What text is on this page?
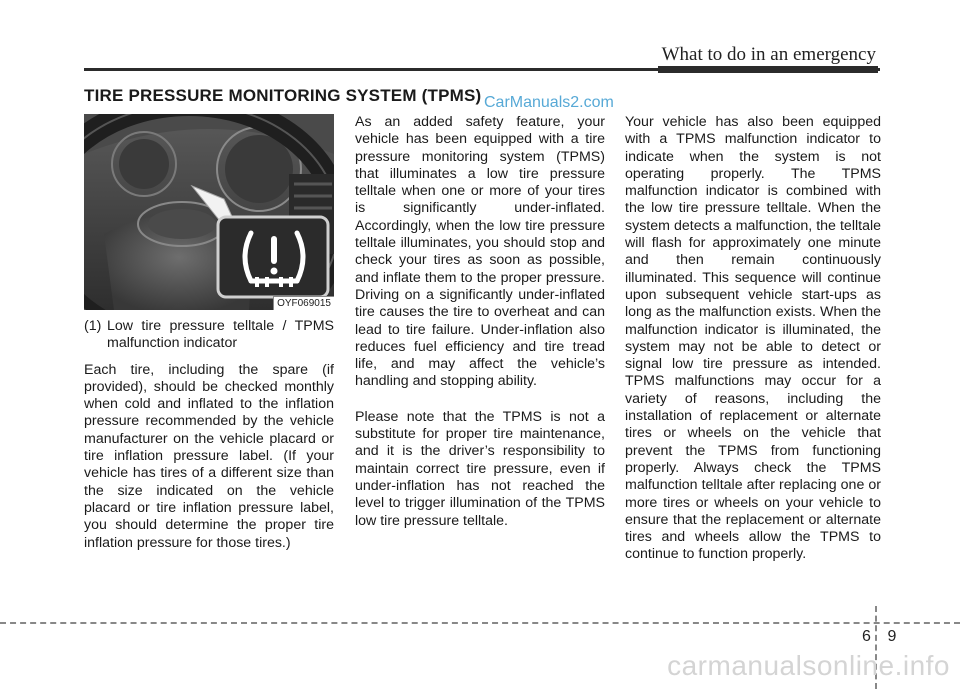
What to do in an emergency
TIRE PRESSURE MONITORING SYSTEM (TPMS) CarManuals2.com
OYF069015
(1) Low tire pressure telltale / TPMS malfunction indicator

Each tire, including the spare (if provided), should be checked monthly when cold and inflated to the inflation pressure recommended by the vehicle manufacturer on the vehicle placard or tire inflation pressure label. (If your vehicle has tires of a different size than the size indicated on the vehicle placard or tire inflation pressure label, you should determine the proper tire inflation pressure for those tires.)

As an added safety feature, your vehicle has been equipped with a tire pressure monitoring system (TPMS) that illuminates a low tire pressure telltale when one or more of your tires is significantly under-inflated. Accordingly, when the low tire pressure telltale illuminates, you should stop and check your tires as soon as possible, and inflate them to the proper pressure. Driving on a significantly under-inflated tire causes the tire to overheat and can lead to tire failure. Under-inflation also reduces fuel efficiency and tire tread life, and may affect the vehicle’s handling and stopping ability.

Please note that the TPMS is not a substitute for proper tire maintenance, and it is the driver’s responsibility to maintain correct tire pressure, even if under-inflation has not reached the level to trigger illumination of the TPMS low tire pressure telltale.

Your vehicle has also been equipped with a TPMS malfunction indicator to indicate when the system is not operating properly. The TPMS malfunction indicator is combined with the low tire pressure telltale. When the system detects a malfunction, the telltale will flash for approximately one minute and then remain continuously illuminated. This sequence will continue upon subsequent vehicle start-ups as long as the malfunction exists. When the malfunction indicator is illuminated, the system may not be able to detect or signal low tire pressure as intended. TPMS malfunctions may occur for a variety of reasons, including the installation of replacement or alternate tires or wheels on the vehicle that prevent the TPMS from functioning properly. Always check the TPMS malfunction telltale after replacing one or more tires or wheels on your vehicle to ensure that the replacement or alternate tires and wheels allow the TPMS to continue to function properly.

6 9
carmanualsonline.info
